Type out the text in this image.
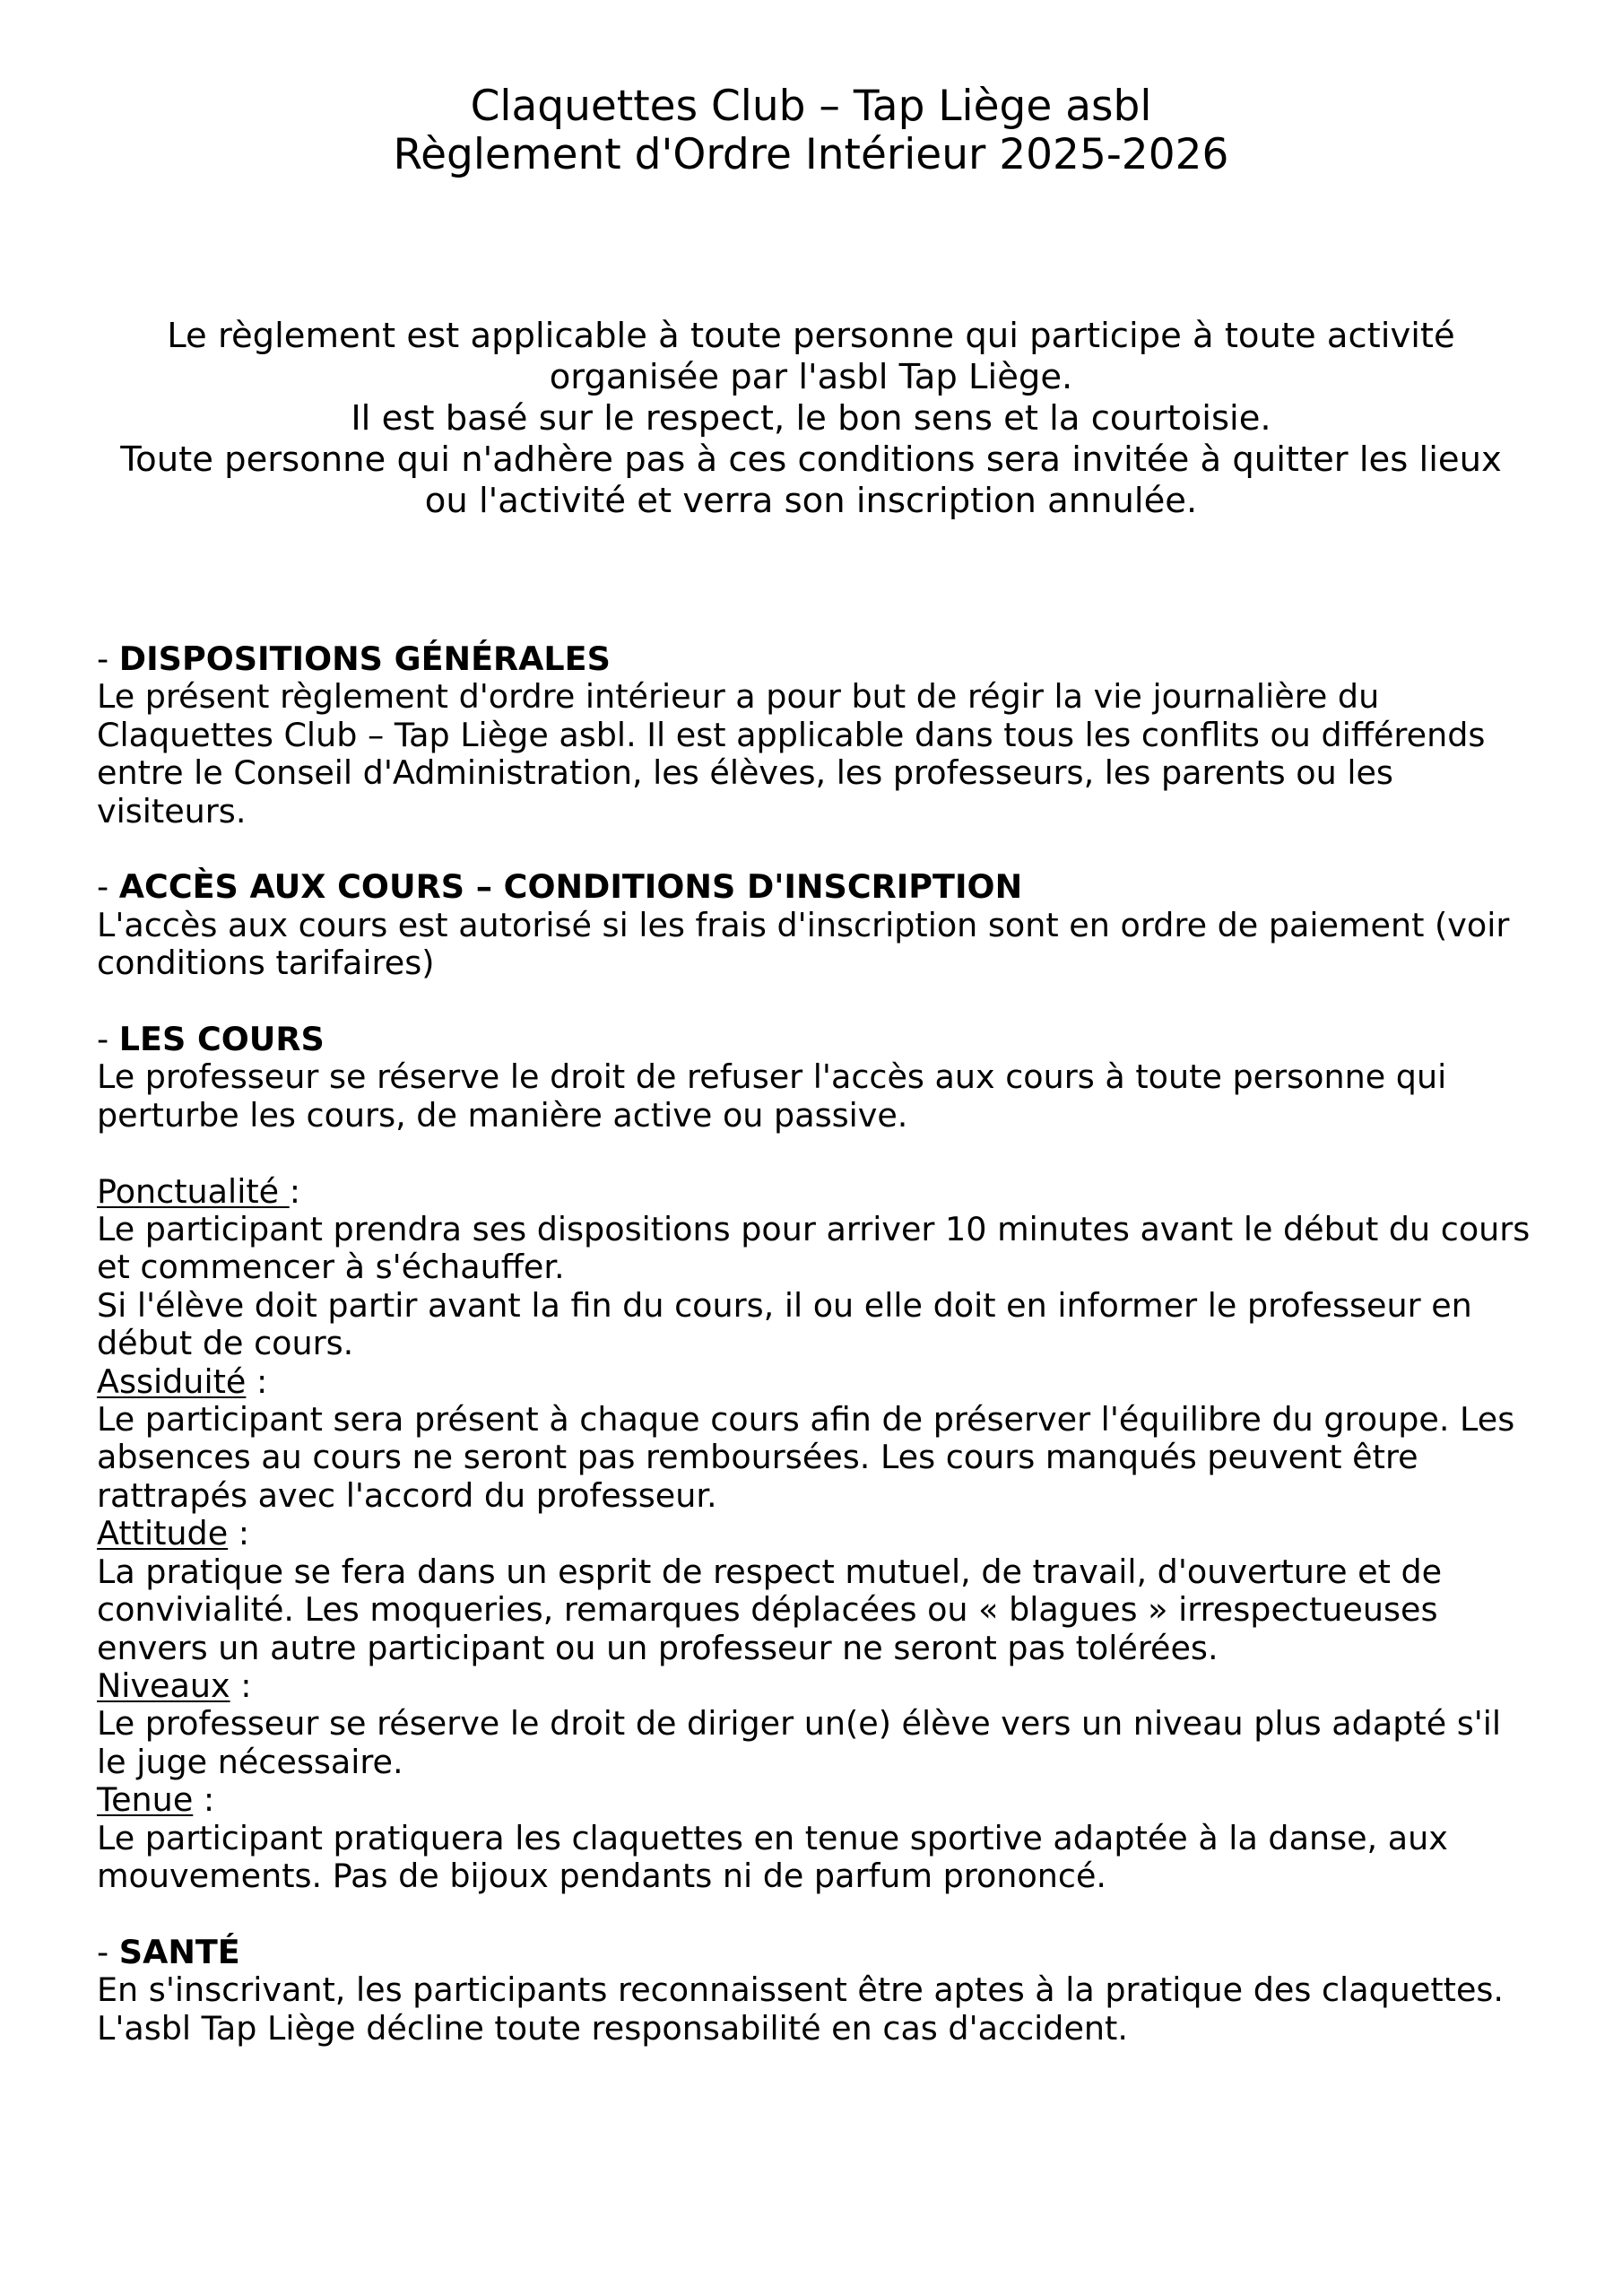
Claquettes Club – Tap Liège asbl
Règlement d'Ordre Intérieur 2025-2026
Le règlement est applicable à toute personne qui participe à toute activité
organisée par l'asbl Tap Liège.
Il est basé sur le respect, le bon sens et la courtoisie.
Toute personne qui n'adhère pas à ces conditions sera invitée à quitter les lieux
ou l'activité et verra son inscription annulée.
- DISPOSITIONS GÉNÉRALES
Le présent règlement d'ordre intérieur a pour but de régir la vie journalière du
Claquettes Club – Tap Liège asbl. Il est applicable dans tous les conflits ou différends
entre le Conseil d'Administration, les élèves, les professeurs, les parents ou les
visiteurs.
- ACCÈS AUX COURS – CONDITIONS D'INSCRIPTION
L'accès aux cours est autorisé si les frais d'inscription sont en ordre de paiement (voir
conditions tarifaires)
- LES COURS
Le professeur se réserve le droit de refuser l'accès aux cours à toute personne qui
perturbe les cours, de manière active ou passive.
Ponctualité :
Le participant prendra ses dispositions pour arriver 10 minutes avant le début du cours
et commencer à s'échauffer.
Si l'élève doit partir avant la fin du cours, il ou elle doit en informer le professeur en
début de cours.
Assiduité :
Le participant sera présent à chaque cours afin de préserver l'équilibre du groupe. Les
absences au cours ne seront pas remboursées. Les cours manqués peuvent être
rattrapés avec l'accord du professeur.
Attitude :
La pratique se fera dans un esprit de respect mutuel, de travail, d'ouverture et de
convivialité. Les moqueries, remarques déplacées ou « blagues » irrespectueuses
envers un autre participant ou un professeur ne seront pas tolérées.
Niveaux :
Le professeur se réserve le droit de diriger un(e) élève vers un niveau plus adapté s'il
le juge nécessaire.
Tenue :
Le participant pratiquera les claquettes en tenue sportive adaptée à la danse, aux
mouvements. Pas de bijoux pendants ni de parfum prononcé.
- SANTÉ
En s'inscrivant, les participants reconnaissent être aptes à la pratique des claquettes.
L'asbl Tap Liège décline toute responsabilité en cas d'accident.
